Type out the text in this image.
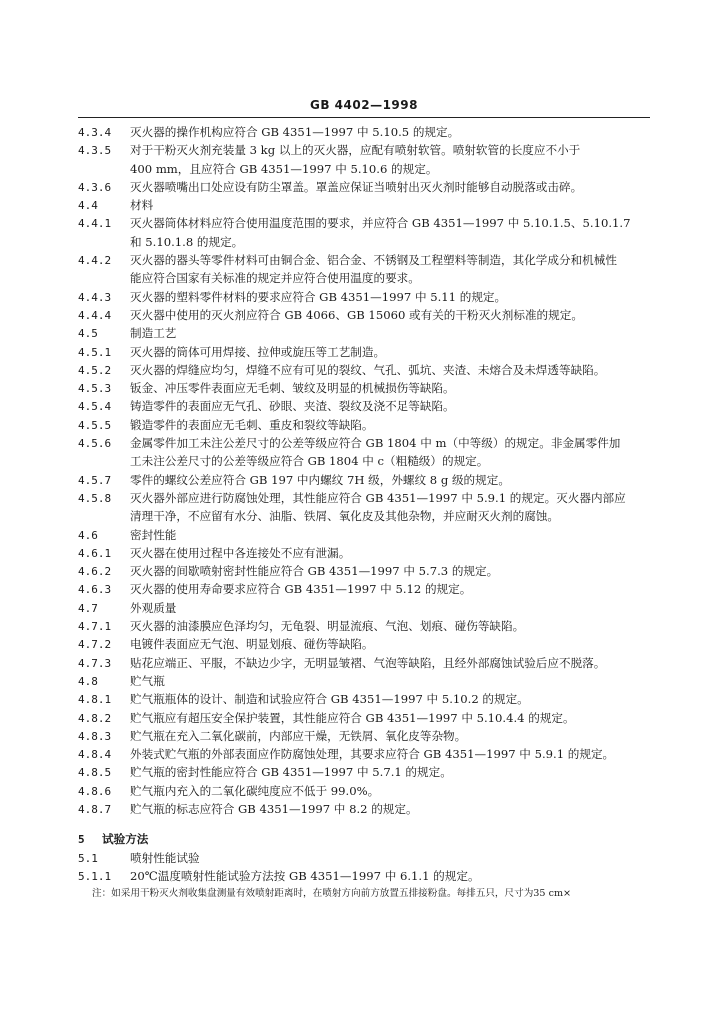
GB 4402—1998
4.3.4 灭火器的操作机构应符合 GB 4351—1997 中 5.10.5 的规定。
4.3.5 对于干粉灭火剂充装量 3 kg 以上的灭火器，应配有喷射软管。喷射软管的长度应不小于
400 mm，且应符合 GB 4351—1997 中 5.10.6 的规定。
4.3.6 灭火器喷嘴出口处应设有防尘罩盖。罩盖应保证当喷射出灭火剂时能够自动脱落或击碎。
4.4	材料
4.4.1 灭火器筒体材料应符合使用温度范围的要求，并应符合 GB 4351—1997 中 5.10.1.5、5.10.1.7
和 5.10.1.8 的规定。
4.4.2 灭火器的器头等零件材料可由铜合金、铝合金、不锈钢及工程塑料等制造，其化学成分和机械性
能应符合国家有关标准的规定并应符合使用温度的要求。
4.4.3 灭火器的塑料零件材料的要求应符合 GB 4351—1997 中 5.11 的规定。
4.4.4 灭火器中使用的灭火剂应符合 GB 4066、GB 15060 或有关的干粉灭火剂标准的规定。
4.5	制造工艺
4.5.1 灭火器的筒体可用焊接、拉伸或旋压等工艺制造。
4.5.2 灭火器的焊缝应均匀，焊缝不应有可见的裂纹、气孔、弧坑、夹渣、未熔合及未焊透等缺陷。
4.5.3 钣金、冲压零件表面应无毛刺、皱纹及明显的机械损伤等缺陷。
4.5.4 铸造零件的表面应无气孔、砂眼、夹渣、裂纹及浇不足等缺陷。
4.5.5 锻造零件的表面应无毛刺、重皮和裂纹等缺陷。
4.5.6 金属零件加工未注公差尺寸的公差等级应符合 GB 1804 中 m（中等级）的规定。非金属零件加
工未注公差尺寸的公差等级应符合 GB 1804 中 c（粗糙级）的规定。
4.5.7 零件的螺纹公差应符合 GB 197 中内螺纹 7H 级，外螺纹 8 g 级的规定。
4.5.8 灭火器外部应进行防腐蚀处理，其性能应符合 GB 4351—1997 中 5.9.1 的规定。灭火器内部应
清理干净，不应留有水分、油脂、铁屑、氧化皮及其他杂物，并应耐灭火剂的腐蚀。
4.6	密封性能
4.6.1 灭火器在使用过程中各连接处不应有泄漏。
4.6.2 灭火器的间歇喷射密封性能应符合 GB 4351—1997 中 5.7.3 的规定。
4.6.3 灭火器的使用寿命要求应符合 GB 4351—1997 中 5.12 的规定。
4.7	外观质量
4.7.1 灭火器的油漆膜应色泽均匀，无龟裂、明显流痕、气泡、划痕、碰伤等缺陷。
4.7.2 电镀件表面应无气泡、明显划痕、碰伤等缺陷。
4.7.3 贴花应端正、平服，不缺边少字，无明显皱褶、气泡等缺陷，且经外部腐蚀试验后应不脱落。
4.8	贮气瓶
4.8.1 贮气瓶瓶体的设计、制造和试验应符合 GB 4351—1997 中 5.10.2 的规定。
4.8.2 贮气瓶应有超压安全保护装置，其性能应符合 GB 4351—1997 中 5.10.4.4 的规定。
4.8.3 贮气瓶在充入二氧化碳前，内部应干燥，无铁屑、氧化皮等杂物。
4.8.4 外装式贮气瓶的外部表面应作防腐蚀处理，其要求应符合 GB 4351—1997 中 5.9.1 的规定。
4.8.5 贮气瓶的密封性能应符合 GB 4351—1997 中 5.7.1 的规定。
4.8.6 贮气瓶内充入的二氧化碳纯度应不低于 99.0%。
4.8.7 贮气瓶的标志应符合 GB 4351—1997 中 8.2 的规定。
5 试验方法
5.1	喷射性能试验
5.1.1 20℃温度喷射性能试验方法按 GB 4351—1997 中 6.1.1 的规定。
注：如采用干粉灭火剂收集盘测量有效喷射距离时，在喷射方向前方放置五排接粉盘。每排五只，尺寸为35 cm×
